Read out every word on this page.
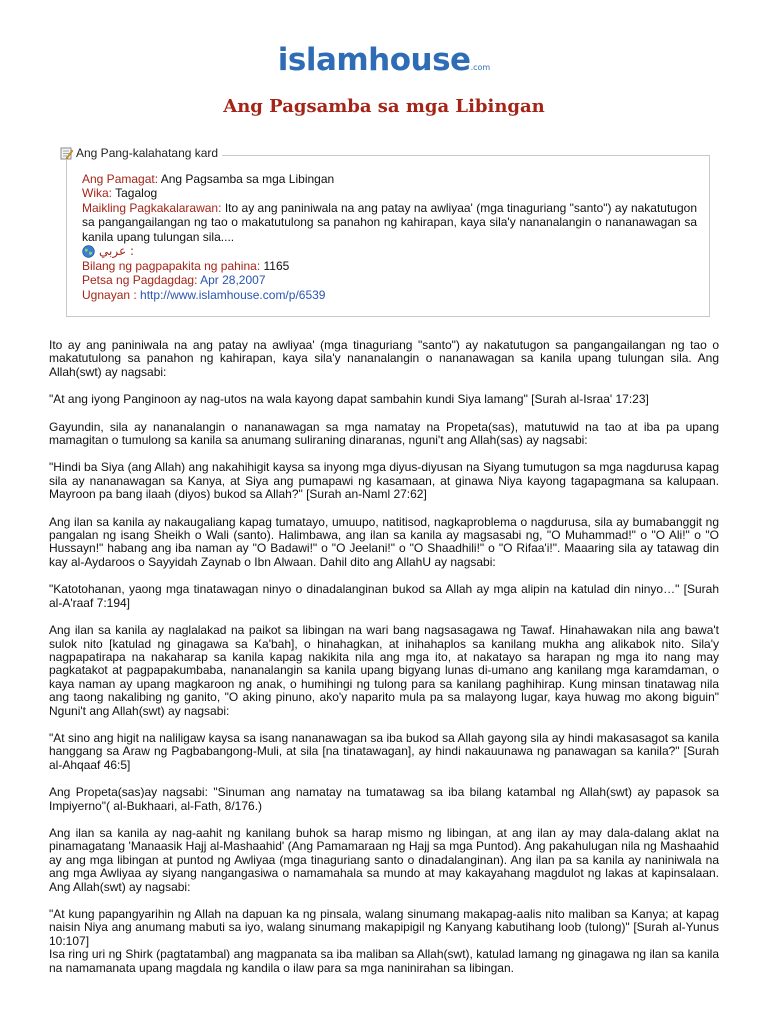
islamhouse.com
Ang Pagsamba sa mga Libingan
Ang Pang-kalahatang kard
Ang Pamagat: Ang Pagsamba sa mga Libingan
Wika: Tagalog
Maikling Pagkakalarawan: Ito ay ang paniniwala na ang patay na awliyaa' (mga tinaguriang "santo") ay nakatutugon sa pangangailangan ng tao o makatutulong sa panahon ng kahirapan, kaya sila'y nananalangin o nananawagan sa kanila upang tulungan sila....
عربي :
Bilang ng pagpapakita ng pahina: 1165
Petsa ng Pagdagdag: Apr 28,2007
Ugnayan : http://www.islamhouse.com/p/6539

Ito ay ang paniniwala na ang patay na awliyaa' (mga tinaguriang "santo") ay nakatutugon sa pangangailangan ng tao o makatutulong sa panahon ng kahirapan, kaya sila'y nananalangin o nananawagan sa kanila upang tulungan sila. Ang Allah(swt) ay nagsabi:

"At ang iyong Panginoon ay nag-utos na wala kayong dapat sambahin kundi Siya lamang" [Surah al-Israa' 17:23]

Gayundin, sila ay nananalangin o nananawagan sa mga namatay na Propeta(sas), matutuwid na tao at iba pa upang mamagitan o tumulong sa kanila sa anumang suliraning dinaranas, nguni't ang Allah(sas) ay nagsabi:

"Hindi ba Siya (ang Allah) ang nakahihigit kaysa sa inyong mga diyus-diyusan na Siyang tumutugon sa mga nagdurusa kapag sila ay nananawagan sa Kanya, at Siya ang pumapawi ng kasamaan, at ginawa Niya kayong tagapagmana sa kalupaan. Mayroon pa bang ilaah (diyos) bukod sa Allah?" [Surah an-Naml 27:62]

Ang ilan sa kanila ay nakaugaliang kapag tumatayo, umuupo, natitisod, nagkaproblema o nagdurusa, sila ay bumabanggit ng pangalan ng isang Sheikh o Wali (santo). Halimbawa, ang ilan sa kanila ay magsasabi ng, "O Muhammad!" o "O Ali!" o "O Hussayn!" habang ang iba naman ay "O Badawi!" o "O Jeelani!" o "O Shaadhili!" o "O Rifaa'i!". Maaaring sila ay tatawag din kay al-Aydaroos o Sayyidah Zaynab o Ibn Alwaan. Dahil dito ang AllahU ay nagsabi:

"Katotohanan, yaong mga tinatawagan ninyo o dinadalanginan bukod sa Allah ay mga alipin na katulad din ninyo…" [Surah al-A'raaf 7:194]

Ang ilan sa kanila ay naglalakad na paikot sa libingan na wari bang nagsasagawa ng Tawaf. Hinahawakan nila ang bawa't sulok nito [katulad ng ginagawa sa Ka'bah], o hinahagkan, at inihahaplos sa kanilang mukha ang alikabok nito. Sila'y nagpapatirapa na nakaharap sa kanila kapag nakikita nila ang mga ito, at nakatayo sa harapan ng mga ito nang may pagkatakot at pagpapakumbaba, nananalangin sa kanila upang bigyang lunas di-umano ang kanilang mga karamdaman, o kaya naman ay upang magkaroon ng anak, o humihingi ng tulong para sa kanilang paghihirap. Kung minsan tinatawag nila ang taong nakalibing ng ganito, "O aking pinuno, ako'y naparito mula pa sa malayong lugar, kaya huwag mo akong biguin" Nguni't ang Allah(swt) ay nagsabi:

"At sino ang higit na naliligaw kaysa sa isang nananawagan sa iba bukod sa Allah gayong sila ay hindi makasasagot sa kanila hanggang sa Araw ng Pagbabangong-Muli, at sila [na tinatawagan], ay hindi nakauunawa ng panawagan sa kanila?" [Surah al-Ahqaaf 46:5]

Ang Propeta(sas)ay nagsabi: "Sinuman ang namatay na tumatawag sa iba bilang katambal ng Allah(swt) ay papasok sa Impiyerno"( al-Bukhaari, al-Fath, 8/176.)

Ang ilan sa kanila ay nag-aahit ng kanilang buhok sa harap mismo ng libingan, at ang ilan ay may dala-dalang aklat na pinamagatang 'Manaasik Hajj al-Mashaahid' (Ang Pamamaraan ng Hajj sa mga Puntod). Ang pakahulugan nila ng Mashaahid ay ang mga libingan at puntod ng Awliyaa (mga tinaguriang santo o dinadalanginan). Ang ilan pa sa kanila ay naniniwala na ang mga Awliyaa ay siyang nangangasiwa o namamahala sa mundo at may kakayahang magdulot ng lakas at kapinsalaan. Ang Allah(swt) ay nagsabi:

"At kung papangyarihin ng Allah na dapuan ka ng pinsala, walang sinumang makapag-aalis nito maliban sa Kanya; at kapag naisin Niya ang anumang mabuti sa iyo, walang sinumang makapipigil ng Kanyang kabutihang loob (tulong)" [Surah al-Yunus 10:107]

Isa ring uri ng Shirk (pagtatambal) ang magpanata sa iba maliban sa Allah(swt), katulad lamang ng ginagawa ng ilan sa kanila na namamanata upang magdala ng kandila o ilaw para sa mga naninirahan sa libingan.
